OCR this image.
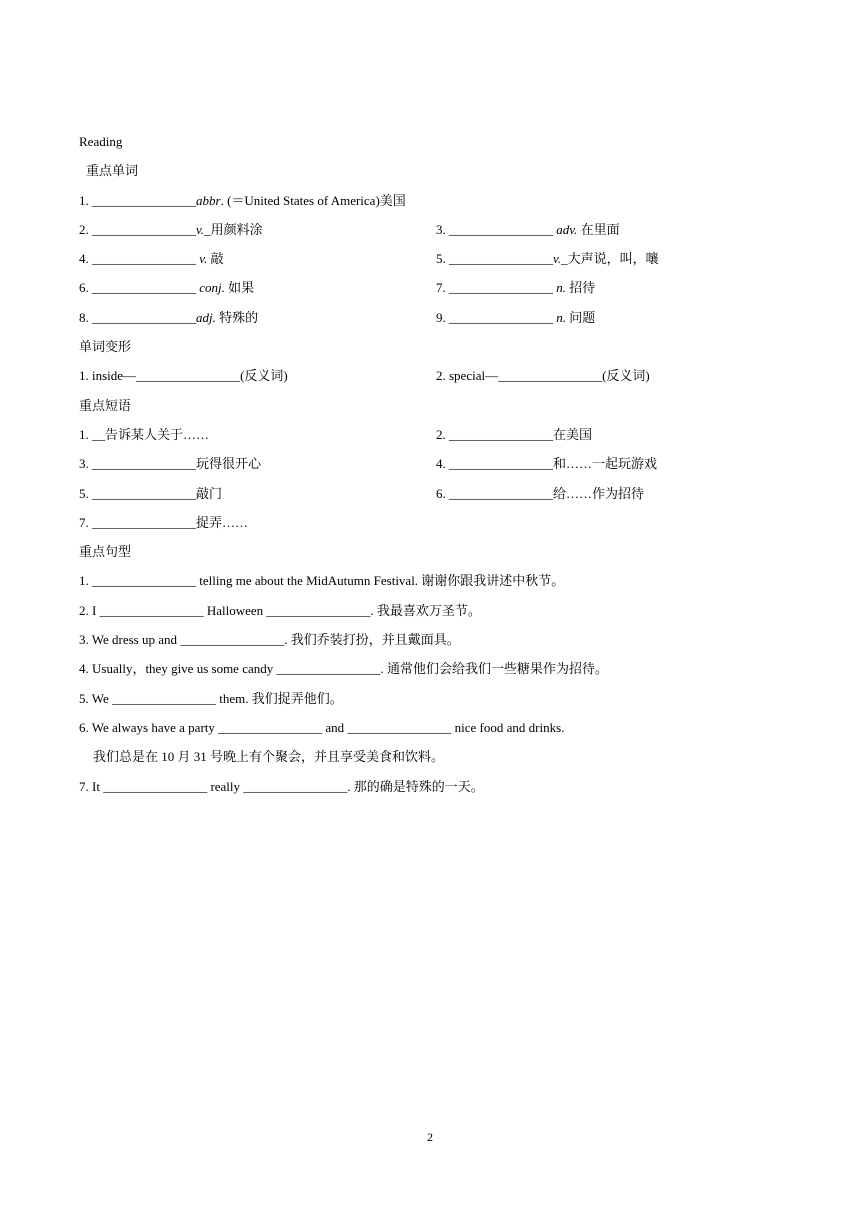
Reading
重点单词
1. ________________abbr. (＝United States of America)美国
2. ________________v._用颜料涂	3. ________________ adv. 在里面
4. ________________ v. 敲	5. ________________v._大声说，叫，嚷
6. ________________ conj. 如果	7. ________________ n. 招待
8. ________________adj. 特殊的	9. ________________ n. 问题
单词变形
1. inside—________________(反义词)	2. special—________________(反义词)
重点短语
1. __告诉某人关于……	2. ________________在美国
3. ________________玩得很开心	4. ________________和……一起玩游戏
5. ________________敲门	6. ________________给……作为招待
7. ________________捉弄……
重点句型
1. ________________ telling me about the MidAutumn Festival. 谢谢你跟我讲述中秋节。
2. I ________________ Halloween ________________. 我最喜欢万圣节。
3. We dress up and ________________. 我们乔装打扮，并且戴面具。
4. Usually，they give us some candy ________________. 通常他们会给我们一些糖果作为招待。
5. We ________________ them. 我们捉弄他们。
6. We always have a party ________________ and ________________ nice food and drinks.
我们总是在 10 月 31 号晚上有个聚会，并且享受美食和饮料。
7. It ________________ really ________________. 那的确是特殊的一天。
2
